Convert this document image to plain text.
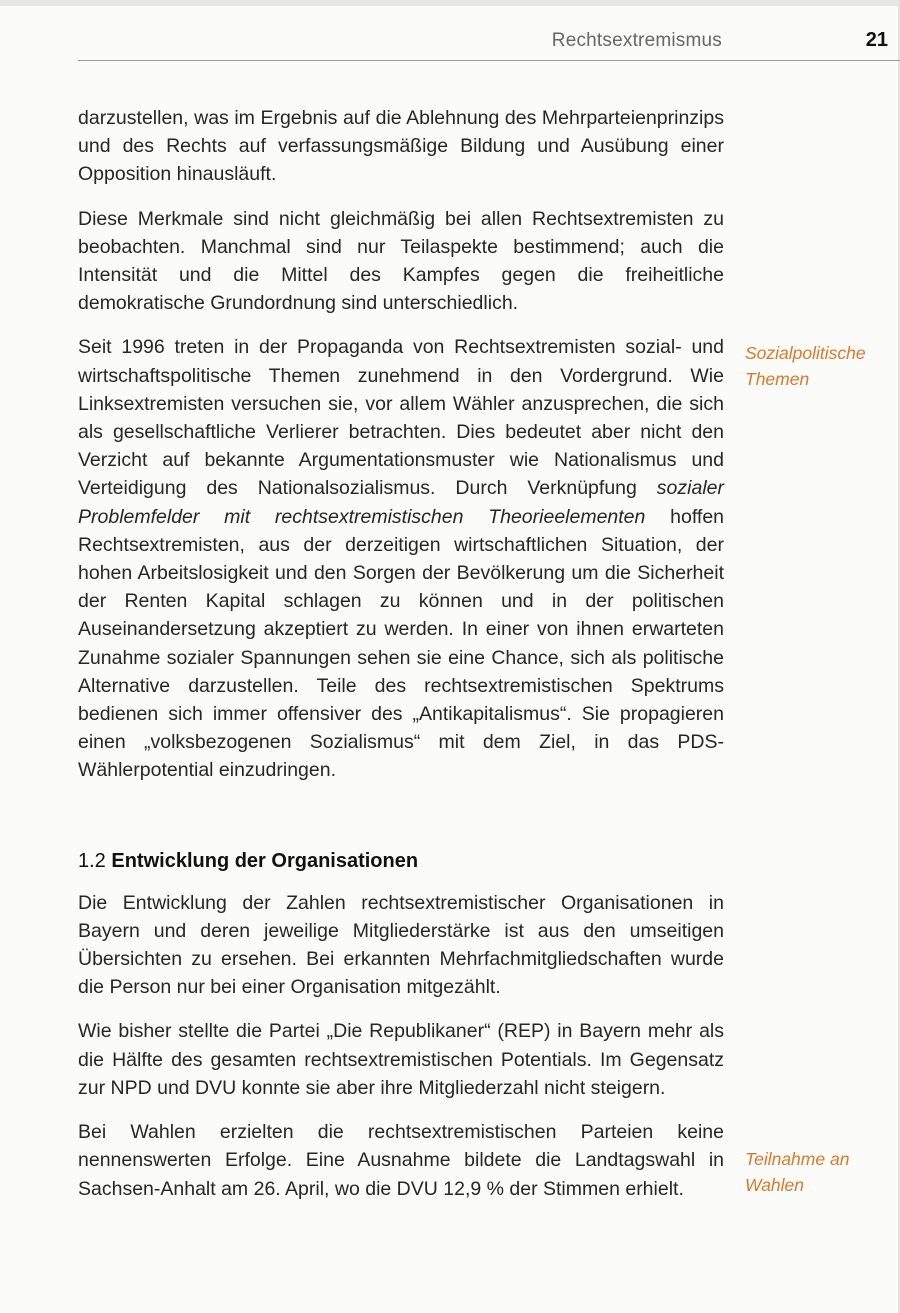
Rechtsextremismus	21

darzustellen, was im Ergebnis auf die Ablehnung des Mehrparteienprinzips und des Rechts auf verfassungsmäßige Bildung und Ausübung einer Opposition hinausläuft.

Diese Merkmale sind nicht gleichmäßig bei allen Rechtsextremisten zu beobachten. Manchmal sind nur Teilaspekte bestimmend; auch die Intensität und die Mittel des Kampfes gegen die freiheitliche demokratische Grundordnung sind unterschiedlich.

Seit 1996 treten in der Propaganda von Rechtsextremisten sozial- und wirtschaftspolitische Themen zunehmend in den Vordergrund. Wie Linksextremisten versuchen sie, vor allem Wähler anzusprechen, die sich als gesellschaftliche Verlierer betrachten. Dies bedeutet aber nicht den Verzicht auf bekannte Argumentationsmuster wie Nationalismus und Verteidigung des Nationalsozialismus. Durch Verknüpfung sozialer Problemfelder mit rechtsextremistischen Theorieelementen hoffen Rechtsextremisten, aus der derzeitigen wirtschaftlichen Situation, der hohen Arbeitslosigkeit und den Sorgen der Bevölkerung um die Sicherheit der Renten Kapital schlagen zu können und in der politischen Auseinandersetzung akzeptiert zu werden. In einer von ihnen erwarteten Zunahme sozialer Spannungen sehen sie eine Chance, sich als politische Alternative darzustellen. Teile des rechtsextremistischen Spektrums bedienen sich immer offensiver des „Antikapitalismus“. Sie propagieren einen „volksbezogenen Sozialismus“ mit dem Ziel, in das PDS-Wählerpotential einzudringen.

1.2 Entwicklung der Organisationen

Die Entwicklung der Zahlen rechtsextremistischer Organisationen in Bayern und deren jeweilige Mitgliederstärke ist aus den umseitigen Übersichten zu ersehen. Bei erkannten Mehrfachmitgliedschaften wurde die Person nur bei einer Organisation mitgezählt.

Wie bisher stellte die Partei „Die Republikaner“ (REP) in Bayern mehr als die Hälfte des gesamten rechtsextremistischen Potentials. Im Gegensatz zur NPD und DVU konnte sie aber ihre Mitgliederzahl nicht steigern.

Bei Wahlen erzielten die rechtsextremistischen Parteien keine nennenswerten Erfolge. Eine Ausnahme bildete die Landtagswahl in Sachsen-Anhalt am 26. April, wo die DVU 12,9 % der Stimmen erhielt.

Sozialpolitische Themen
Teilnahme an Wahlen
